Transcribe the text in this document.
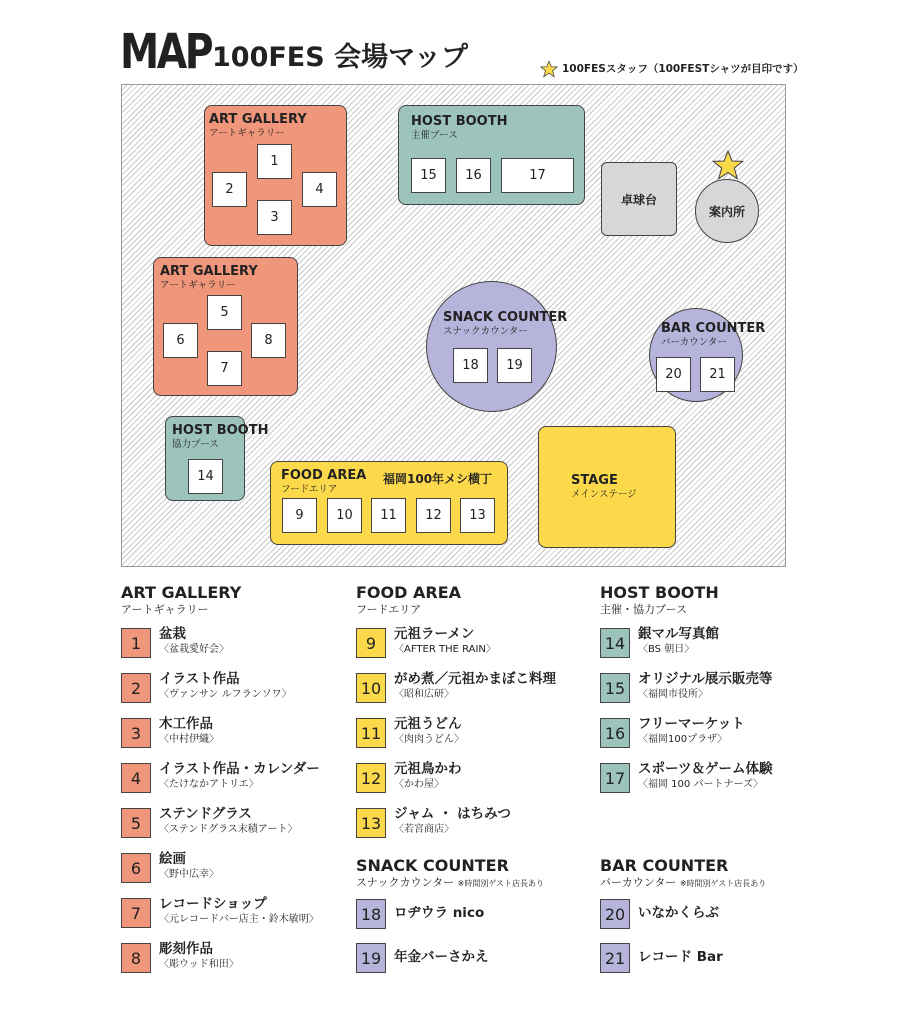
MAP 100FES 会場マップ	100FESスタッフ（100FESTシャツが目印です）
ART GALLERY
アートギャラリー
1
2
3
4
ART GALLERY
アートギャラリー
5
6
7
8
HOST BOOTH
主催ブース
15	16	17
卓球台
案内所
SNACK COUNTER
スナックカウンター
18	19
BAR COUNTER
バーカウンター
20	21
HOST BOOTH
協力ブース
14	FOOD AREA
フードエリア
福岡100年メシ横丁
9	10	11	12	13
STAGE
メインステージ
ART GALLERY
アートギャラリー
1	盆栽
〈盆栽愛好会〉
2	イラスト作品
〈ヴァンサン ルフランソワ〉
3	木工作品
〈中村伊織〉
4	イラスト作品・カレンダー
〈たけなかアトリエ〉
5	ステンドグラス
〈ステンドグラス末積アート〉
6	絵画
〈野中広幸〉
7	レコードショップ
〈元レコードバー店主・鈴木敏明〉
8	彫刻作品
〈彫ウッド和田〉
FOOD AREA
フードエリア
9	元祖ラーメン
〈AFTER THE RAIN〉
10 がめ煮／元祖かまぼこ料理
〈昭和広研〉
11 元祖うどん
〈肉肉うどん〉
12 元祖鳥かわ
〈かわ屋〉
13 ジャム ・ はちみつ
〈若宮商店〉
SNACK COUNTER
スナックカウンター ※時間別ゲスト店長あり
18 ロヂウラ nico
19 年金バーさかえ
HOST BOOTH
主催・協力ブース
14 銀マル写真館
〈BS 朝日〉
15 オリジナル展示販売等
〈福岡市役所〉
16 フリーマーケット
〈福岡100プラザ〉
17 スポーツ＆ゲーム体験
〈福岡 100 パートナーズ〉
BAR COUNTER
バーカウンター ※時間別ゲスト店長あり
20 いなかくらぶ
21 レコード Bar
